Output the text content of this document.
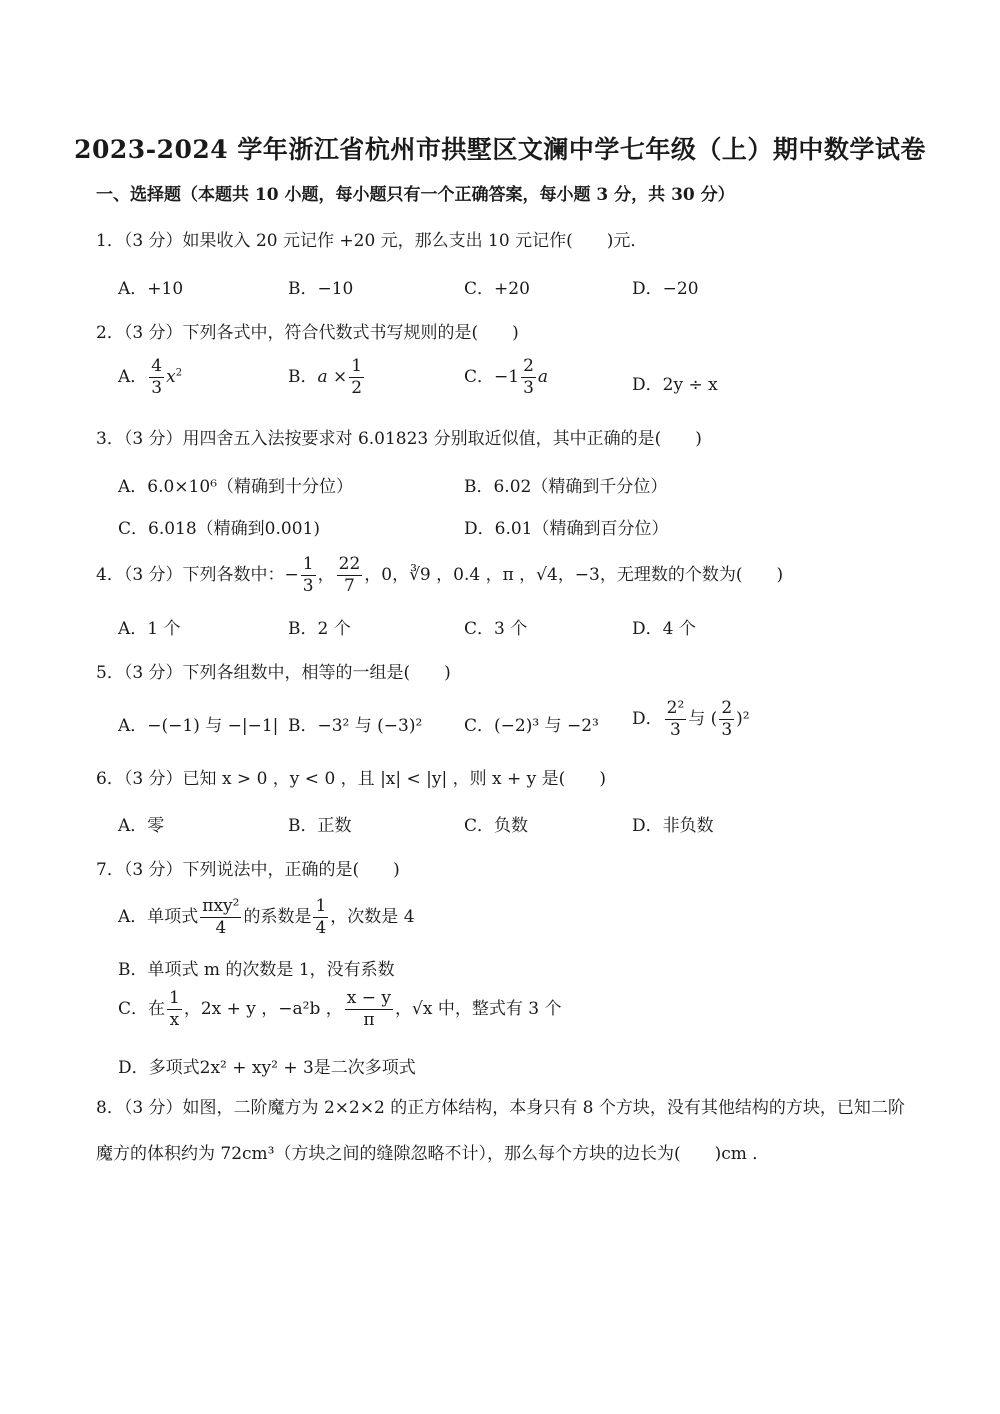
2023-2024 学年浙江省杭州市拱墅区文澜中学七年级（上）期中数学试卷
一、选择题（本题共 10 小题，每小题只有一个正确答案，每小题 3 分，共 30 分）
1．（3 分）如果收入 20 元记作 +20 元，那么支出 10 元记作(　　)元．
A．+10	B．−10	C．+20	D．−20
2．（3 分）下列各式中，符合代数式书写规则的是(　　)
A． $\frac{4}{3} x^2$	B．$a \times \frac{1}{2}$	C．$-1 \frac{2}{3}$ a	D．2y ÷ x
3．（3 分）用四舍五入法按要求对 6.01823 分别取近似值，其中正确的是(　　)
A．6.0×10⁶（精确到十分位）	B．6.02（精确到千分位）
C．6.018（精确到0.001)	D．6.01（精确到百分位）
4．（3 分）下列各数中：− $\frac{1}{3}$ ， $\frac{22}{7}$ ，0，∛9 ，0.4̇ ，π ，√4，−3，无理数的个数为(　　)
A．1 个	B．2 个	C．3 个	D．4 个
5．（3 分）下列各组数中，相等的一组是(　　)
A．−(−1) 与 −|−1| B．−3² 与 (−3)² C．(−2)³ 与 −2³ D． $\frac{\text{2²}}{3}$ 与 ( $\frac{2}{3} )^2$
6．（3 分）已知 x > 0 ，y < 0 ，且 |x| < |y| ，则 x + y 是(　　)
A．零	B．正数	C．负数	D．非负数
7．（3 分）下列说法中，正确的是(　　)
A．单项式 $\frac{\text{πxy²}}{4}$ 的系数是 $\frac{1}{4}$ ，次数是 4
B．单项式 m 的次数是 1，没有系数
C．在 $\frac{1}{x}$ ，2x + y ，−a²b ， $\frac{x - y}{\pi}$ ，√x 中，整式有 3 个
D．多项式2x² + xy² + 3是二次多项式
8．（3 分）如图，二阶魔方为 2×2×2 的正方体结构，本身只有 8 个方块，没有其他结构的方块，已知二阶魔方的体积约为 72cm³（方块之间的缝隙忽略不计），那么每个方块的边长为(　　)cm ．
